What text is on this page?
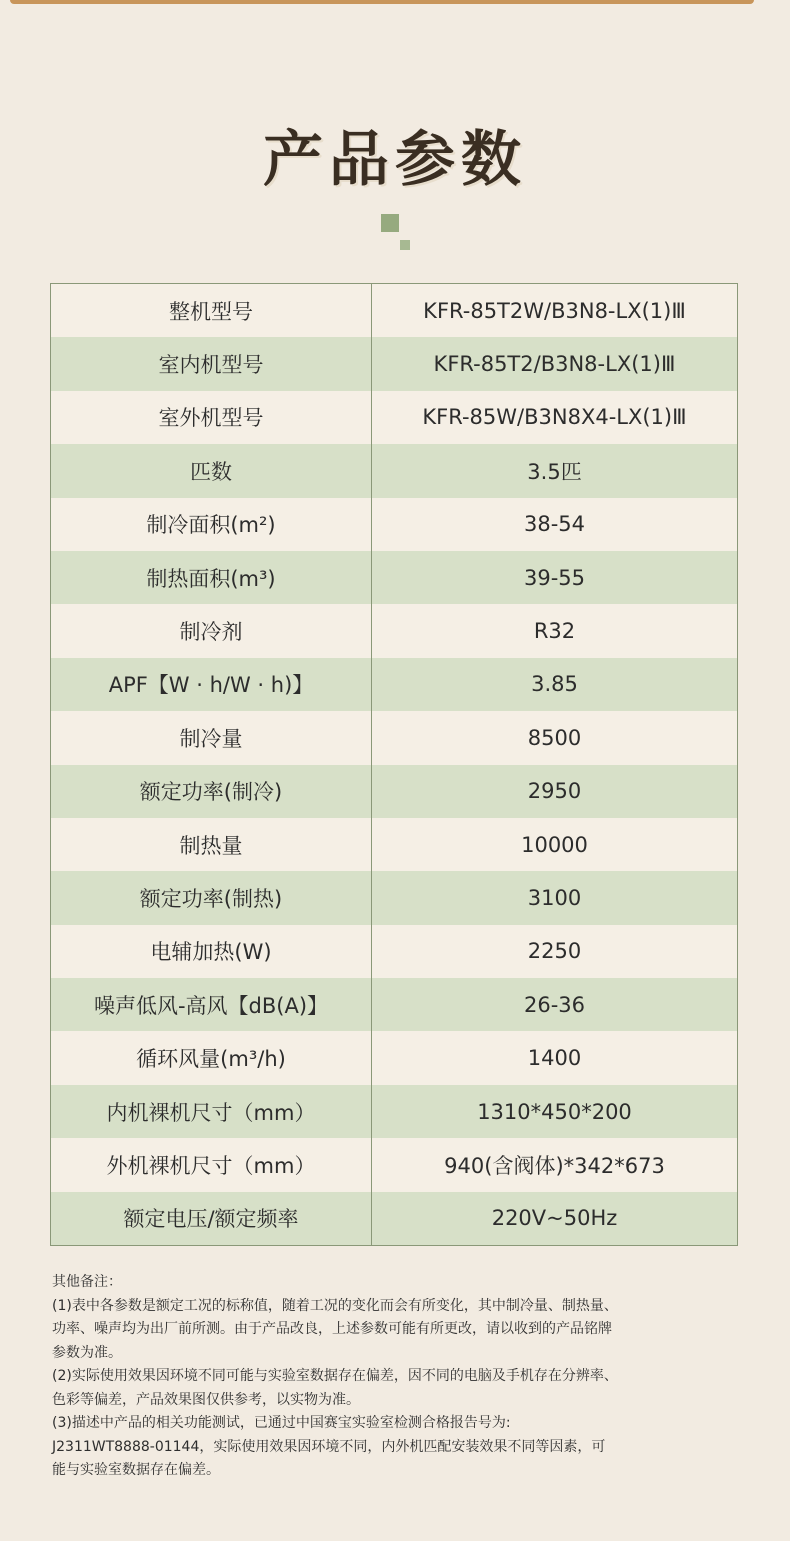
产品参数
整机型号	KFR-85T2W/B3N8-LX(1)Ⅲ
室内机型号	KFR-85T2/B3N8-LX(1)Ⅲ
室外机型号	KFR-85W/B3N8X4-LX(1)Ⅲ
匹数	3.5匹
制冷面积(m²)	38-54
制热面积(m³)	39-55
制冷剂	R32
APF【W · h/W · h)】	3.85
制冷量	8500
额定功率(制冷)	2950
制热量	10000
额定功率(制热)	3100
电辅加热(W)	2250
噪声低风-高风【dB(A)】	26-36
循环风量(m³/h)	1400
内机裸机尺寸（mm）	1310*450*200
外机裸机尺寸（mm）	940(含阀体)*342*673
额定电压/额定频率	220V~50Hz

其他备注：

(1)表中各参数是额定工况的标称值，随着工况的变化而会有所变化，其中制冷量、制热量、

功率、噪声均为出厂前所测。由于产品改良，上述参数可能有所更改，请以收到的产品铭牌

参数为准。

(2)实际使用效果因环境不同可能与实验室数据存在偏差，因不同的电脑及手机存在分辨率、

色彩等偏差，产品效果图仅供参考，以实物为准。

(3)描述中产品的相关功能测试，已通过中国赛宝实验室检测合格报告号为:

J2311WT8888-01144，实际使用效果因环境不同，内外机匹配安装效果不同等因素，可

能与实验室数据存在偏差。
